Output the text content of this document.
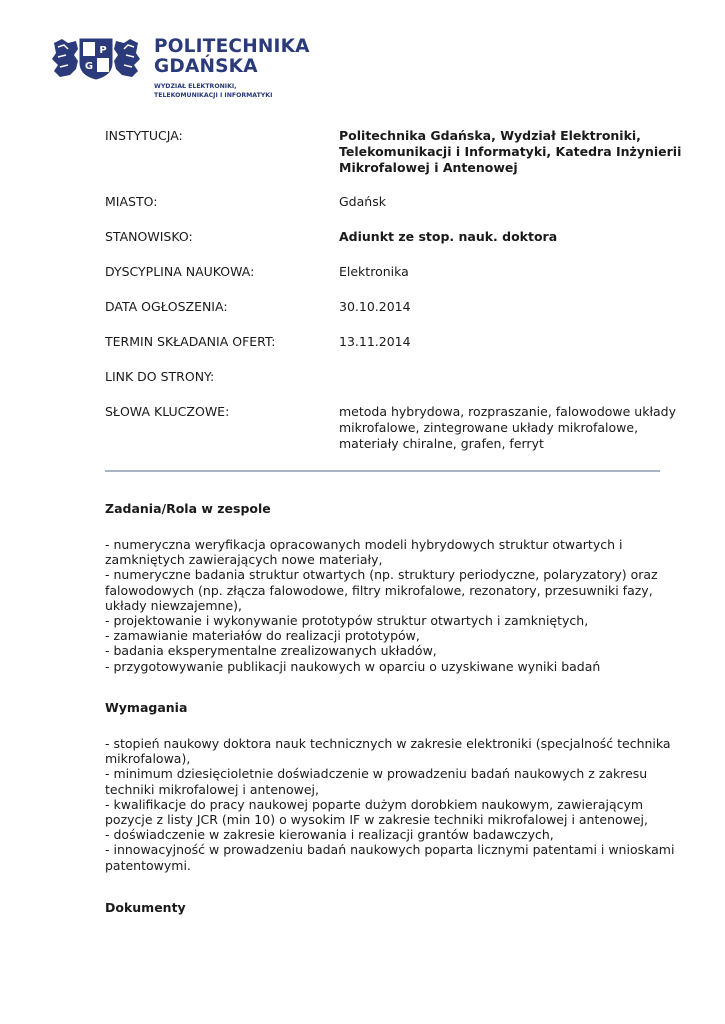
P
G
POLITECHNIKA
GDAŃSKA
WYDZIAŁ ELEKTRONIKI,
TELEKOMUNIKACJI I INFORMATYKI
INSTYTUCJA:	Politechnika Gdańska, Wydział Elektroniki,
Telekomunikacji i Informatyki, Katedra Inżynierii
Mikrofalowej i Antenowej
MIASTO:	Gdańsk
STANOWISKO:	Adiunkt ze stop. nauk. doktora
DYSCYPLINA NAUKOWA:	Elektronika
DATA OGŁOSZENIA:	30.10.2014
TERMIN SKŁADANIA OFERT:	13.11.2014
LINK DO STRONY:
SŁOWA KLUCZOWE:	metoda hybrydowa, rozpraszanie, falowodowe układy
mikrofalowe, zintegrowane układy mikrofalowe,
materiały chiralne, grafen, ferryt
Zadania/Rola w zespole
- numeryczna weryfikacja opracowanych modeli hybrydowych struktur otwartych i
zamkniętych zawierających nowe materiały,
- numeryczne badania struktur otwartych (np. struktury periodyczne, polaryzatory) oraz
falowodowych (np. złącza falowodowe, filtry mikrofalowe, rezonatory, przesuwniki fazy,
układy niewzajemne),
- projektowanie i wykonywanie prototypów struktur otwartych i zamkniętych,
- zamawianie materiałów do realizacji prototypów,
- badania eksperymentalne zrealizowanych układów,
- przygotowywanie publikacji naukowych w oparciu o uzyskiwane wyniki badań
Wymagania
- stopień naukowy doktora nauk technicznych w zakresie elektroniki (specjalność technika
mikrofalowa),
- minimum dziesięcioletnie doświadczenie w prowadzeniu badań naukowych z zakresu
techniki mikrofalowej i antenowej,
- kwalifikacje do pracy naukowej poparte dużym dorobkiem naukowym, zawierającym
pozycje z listy JCR (min 10) o wysokim IF w zakresie techniki mikrofalowej i antenowej,
- doświadczenie w zakresie kierowania i realizacji grantów badawczych,
- innowacyjność w prowadzeniu badań naukowych poparta licznymi patentami i wnioskami
patentowymi.
Dokumenty
